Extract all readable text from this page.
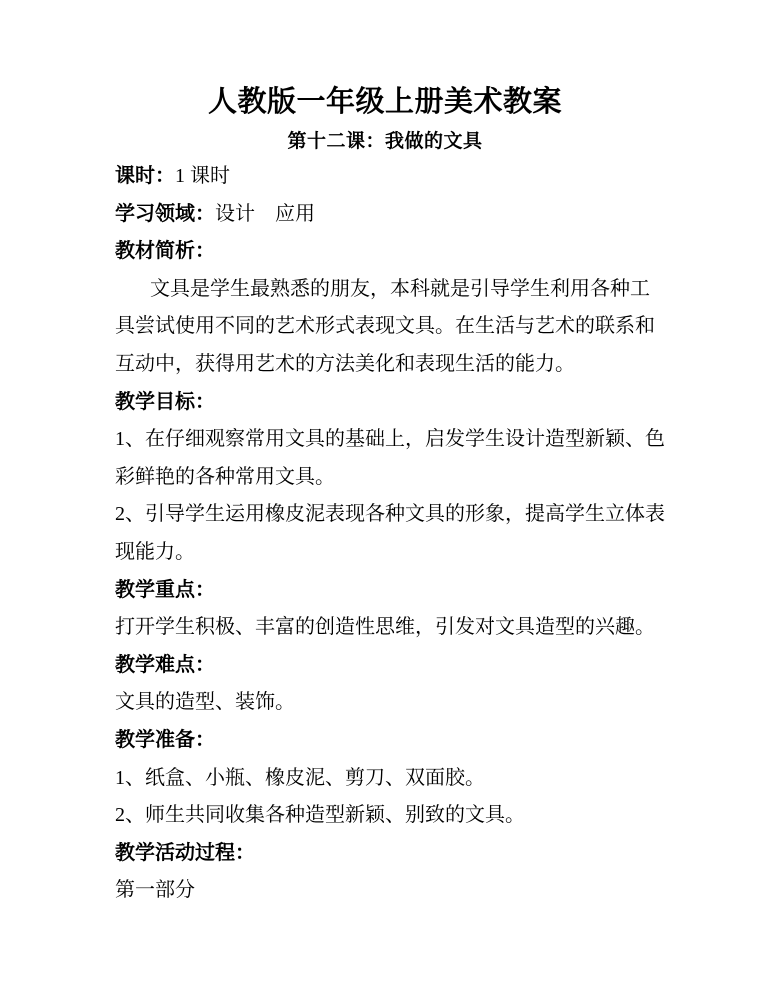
人教版一年级上册美术教案
第十二课：我做的文具
课时：1 课时
学习领域：设计　应用
教材简析：
文具是学生最熟悉的朋友，本科就是引导学生利用各种工
具尝试使用不同的艺术形式表现文具。在生活与艺术的联系和
互动中，获得用艺术的方法美化和表现生活的能力。
教学目标：
1、在仔细观察常用文具的基础上，启发学生设计造型新颖、色
彩鲜艳的各种常用文具。
2、引导学生运用橡皮泥表现各种文具的形象，提高学生立体表
现能力。
教学重点：
打开学生积极、丰富的创造性思维，引发对文具造型的兴趣。
教学难点：
文具的造型、装饰。
教学准备：
1、纸盒、小瓶、橡皮泥、剪刀、双面胶。
2、师生共同收集各种造型新颖、别致的文具。
教学活动过程：
第一部分
